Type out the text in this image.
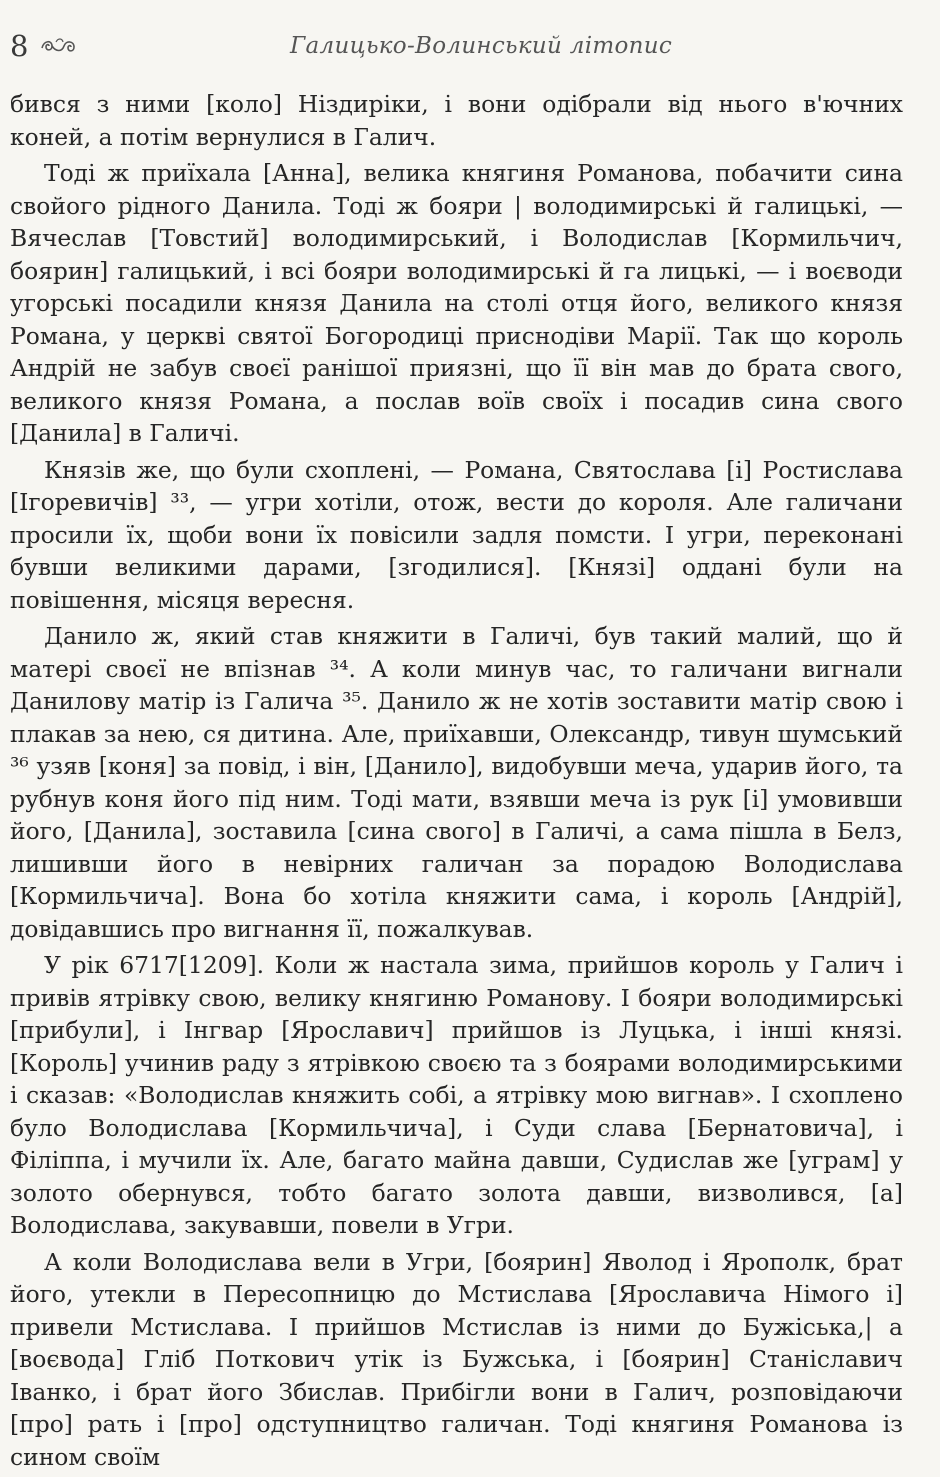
8	Галицько-Волинський літопис

бився з ними [коло] Ніздиріки, і вони одібрали від нього в'ючних коней, а потім вернулися в Галич.

Тоді ж приїхала [Анна], велика княгиня Романова, побачити сина свойого рідного Данила. Тоді ж бояри | володимирські й галицькі, — Вячеслав [Товстий] володимирський, і Володислав [Кормильчич, боярин] галицький, і всі бояри володимирські й га лицькі, — і воєводи угорські посадили князя Данила на столі отця його, великого князя Романа, у церкві святої Богородиці приснодіви Марії. Так що король Андрій не забув своєї ранішої приязні, що її він мав до брата свого, великого князя Романа, а послав воїв своїх і посадив сина свого [Данила] в Галичі.

Князів же, що були схоплені, — Романа, Святослава [і] Ростислава [Ігоревичів] ³³, — угри хотіли, отож, вести до короля. Але галичани просили їх, щоби вони їх повісили задля помсти. І угри, переконані бувши великими дарами, [згодилися]. [Князі] оддані були на повішення, місяця вересня.

Данило ж, який став княжити в Галичі, був такий малий, що й матері своєї не впізнав ³⁴. А коли минув час, то галичани вигнали Данилову матір із Галича ³⁵. Данило ж не хотів зоставити матір свою і плакав за нею, ся дитина. Але, приїхавши, Олександр, тивун шумський ³⁶ узяв [коня] за повід, і він, [Данило], видобувши меча, ударив його, та рубнув коня його під ним. Тоді мати, взявши меча із рук [і] умовивши його, [Данила], зоставила [сина свого] в Галичі, а сама пішла в Белз, лишивши його в невірних галичан за порадою Володислава [Кормильчича]. Вона бо хотіла княжити сама, і король [Андрій], довідавшись про вигнання її, пожалкував.

У рік 6717[1209]. Коли ж настала зима, прийшов король у Галич і привів ятрівку свою, велику княгиню Романову. І бояри володимирські [прибули], і Інгвар [Ярославич] прийшов із Луцька, і інші князі. [Король] учинив раду з ятрівкою своєю та з боярами володимирськими і сказав: «Володислав княжить собі, а ятрівку мою вигнав». І схоплено було Володислава [Кормильчича], і Суди слава [Бернатовича], і Філіппа, і мучили їх. Але, багато майна давши, Судислав же [уграм] у золото обернувся, тобто багато золота давши, визволився, [а] Володислава, закувавши, повели в Угри.

А коли Володислава вели в Угри, [боярин] Яволод і Ярополк, брат його, утекли в Пересопницю до Мстислава [Ярославича Німого і] привели Мстислава. І прийшов Мстислав із ними до Бужіська,| а [воєвода] Гліб Поткович утік із Бужська, і [боярин] Станіславич Іванко, і брат його Збислав. Прибігли вони в Галич, розповідаючи [про] рать і [про] одступництво галичан. Тоді княгиня Романова із сином своїм
